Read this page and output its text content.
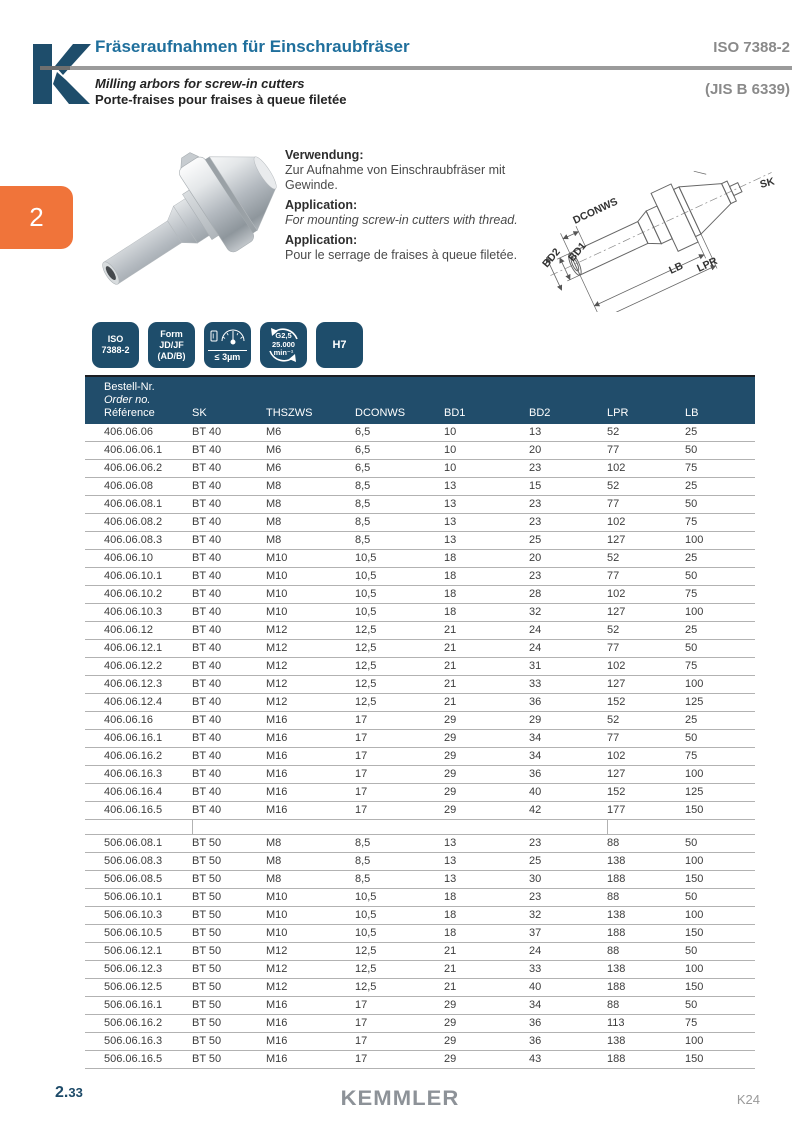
Fräseraufnahmen für Einschraubfräser	ISO 7388-2
Milling arbors for screw-in cutters
Porte-fraises pour fraises à queue filetée
(JIS B 6339)
2
Verwendung:
Zur Aufnahme von Einschraubfräser mit Gewinde.
Application:
For mounting screw-in cutters with thread.
Application:
Pour le serrage de fraises à queue filetée.
DCONWS
BD2 BD1
LB LPR
SK
ISO
7388-2
Form
JD/JF
(AD/B)	≤ 3µm
G2,5
25.000
min⁻¹
H7
Bestell-Nr.
Order no.
Référence	SK	THSZWS	DCONWS	BD1	BD2	LPR	LB
406.06.06	BT 40	M6	6,5	10	13	52	25
406.06.06.1	BT 40	M6	6,5	10	20	77	50
406.06.06.2	BT 40	M6	6,5	10	23	102	75
406.06.08	BT 40	M8	8,5	13	15	52	25
406.06.08.1	BT 40	M8	8,5	13	23	77	50
406.06.08.2	BT 40	M8	8,5	13	23	102	75
406.06.08.3	BT 40	M8	8,5	13	25	127	100
406.06.10	BT 40	M10	10,5	18	20	52	25
406.06.10.1	BT 40	M10	10,5	18	23	77	50
406.06.10.2	BT 40	M10	10,5	18	28	102	75
406.06.10.3	BT 40	M10	10,5	18	32	127	100
406.06.12	BT 40	M12	12,5	21	24	52	25
406.06.12.1	BT 40	M12	12,5	21	24	77	50
406.06.12.2	BT 40	M12	12,5	21	31	102	75
406.06.12.3	BT 40	M12	12,5	21	33	127	100
406.06.12.4	BT 40	M12	12,5	21	36	152	125
406.06.16	BT 40	M16	17	29	29	52	25
406.06.16.1	BT 40	M16	17	29	34	77	50
406.06.16.2	BT 40	M16	17	29	34	102	75
406.06.16.3	BT 40	M16	17	29	36	127	100
406.06.16.4	BT 40	M16	17	29	40	152	125
406.06.16.5	BT 40	M16	17	29	42	177	150
506.06.08.1	BT 50	M8	8,5	13	23	88	50
506.06.08.3	BT 50	M8	8,5	13	25	138	100
506.06.08.5	BT 50	M8	8,5	13	30	188	150
506.06.10.1	BT 50	M10	10,5	18	23	88	50
506.06.10.3	BT 50	M10	10,5	18	32	138	100
506.06.10.5	BT 50	M10	10,5	18	37	188	150
506.06.12.1	BT 50	M12	12,5	21	24	88	50
506.06.12.3	BT 50	M12	12,5	21	33	138	100
506.06.12.5	BT 50	M12	12,5	21	40	188	150
506.06.16.1	BT 50	M16	17	29	34	88	50
506.06.16.2	BT 50	M16	17	29	36	113	75
506.06.16.3	BT 50	M16	17	29	36	138	100
506.06.16.5	BT 50	M16	17	29	43	188	150
2.33	KEMMLER	K24
